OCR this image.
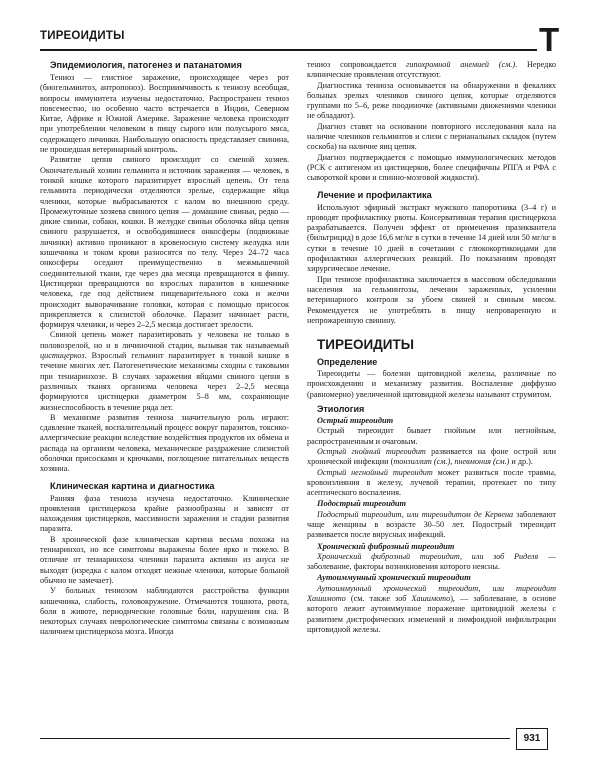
ТИРЕОИДИТЫ	Т
Эпидемиология, патогенез и патанатомия

Тениоз — глистное заражение, происходящее через рот (биогельминтоз, антропоноз). Восприимчивость к тениозу всеобщая, вопросы иммунитета изучены недостаточно. Распространен тениоз повсеместно, но особенно часто встречается в Индии, Северном Китае, Африке и Южной Америке. Заражение человека происходит при употреблении человеком в пищу сырого или полусырого мяса, содержащего личинки. Наибольшую опасность представляет свинина, не прошедшая ветеринарный контроль.

Развитие цепня свиного происходит со сменой хозяев. Окончательный хозяин гельминта и источник заражения — человек, в тонкой кишке которого паразитирует взрослый цепень. От тела гельминта периодически отделяются зрелые, содержащие яйца членики, которые выбрасываются с калом во внешнюю среду. Промежуточные хозяева свиного цепня — домашние свиньи, редко — дикие свиньи, собаки, кошки. В желудке свиньи оболочка яйца цепня свиного разрушается, и освободившиеся онкосферы (подвижные личинки) активно проникают в кровеносную систему желудка или кишечника и током крови разносятся по телу. Через 24–72 часа онкосферы оседают преимущественно в межмышечной соединительной ткани, где через два месяца превращаются в финну. Цистицерки превращаются во взрослых паразитов в кишечнике человека, где под действием пищеварительного сока и желчи происходит выворачивание головки, которая с помощью присосок прикрепляется к слизистой оболочке. Паразит начинает расти, формируя членики, и через 2–2,5 месяца достигает зрелости.

Свиной цепень может паразитировать у человека не только в половозрелой, но и в личиночной стадии, вызывая так называемый цистицеркоз. Взрослый гельминт паразитирует в тонкой кишке в течение многих лет. Патогенетические механизмы сходны с таковыми при тениаринхозе. В случаях заражения яйцами свиного цепня в различных тканях организма человека через 2–2,5 месяца формируются цистицерки диаметром 5–8 мм, сохраняющие жизнеспособность в течение ряда лет.

В механизме развития тениоза значительную роль играют: сдавление тканей, воспалительный процесс вокруг паразитов, токсико-аллергические реакции вследствие воздействия продуктов их обмена и распада на организм человека, механическое раздражение слизистой оболочки присосками и крючками, поглощение питательных веществ хозяина.

Клиническая картина и диагностика

Ранняя фаза тениоза изучена недостаточно. Клинические проявления цистицеркоза крайне разнообразны и зависят от нахождения цистицерков, массивности заражения и стадии развития паразита.

В хронической фазе клиническая картина весьма похожа на тениаринхоз, но все симптомы выражены более ярко и тяжело. В отличие от тениаринхоза членики паразита активно из ануса не выходят (изредка с калом отходят нежные членики, которые больной обычно не замечает).

У больных тениозом наблюдаются расстройства функции кишечника, слабость, головокружение. Отмечаются тошнота, рвота, боли в животе, периодические головные боли, нарушения сна. В некоторых случаях неврологические симптомы связаны с возможным наличием цистицеркоза мозга. Иногда

тениоз сопровождается гипохромной анемией (см.). Нередко клинические проявления отсутствуют.

Диагностика тениоза основывается на обнаружении в фекалиях больных зрелых члеников свиного цепня, которые отделяются группами по 5–6, реже поодиночке (активными движениями членики не обладают).

Диагноз ставят на основании повторного исследования кала на наличие члеников гельминтов и слизи с перианальных складок (путем соскоба) на наличие яиц цепня.

Диагноз подтверждается с помощью иммунологических методов (РСК с антигеном из цистицерков, более специфичны РПГА и РФА с сывороткой крови и спинно-мозговой жидкости).

Лечение и профилактика

Используют эфирный экстракт мужского папоротника (3–4 г) и проводят профилактику рвоты. Консервативная терапия цистицеркоза разрабатывается. Получен эффект от применения празиквантела (бильтрицид) в дозе 16,6 мг/кг в сутки в течение 14 дней или 50 мг/кг в сутки в течение 10 дней в сочетании с глюкокортикоидами для профилактики аллергических реакций. По показаниям проводят хирургическое лечение.

При тениозе профилактика заключается в массовом обследовании населения на гельминтозы, лечении зараженных, усилении ветеринарного контроля за убоем свиней и свиным мясом. Рекомендуется не употреблять в пищу непроваренную и непрожаренную свинину.

ТИРЕОИДИТЫ
Определение

Тиреоидиты — болезни щитовидной железы, различные по происхождению и механизму развития. Воспаление диффузно (равномерно) увеличенной щитовидной железы называют струмитом.

Этиология
Острый тиреоидит

Острый тиреоидит бывает гнойным или негнойным, распространенным и очаговым.

Острый гнойный тиреоидит развивается на фоне острой или хронической инфекции (тонзиллит (см.), пневмония (см.) и др.).

Острый негнойный тиреоидит может развиться после травмы, кровоизлияния в железу, лучевой терапии, протекает по типу асептического воспаления.

Подострый тиреоидит

Подострый тиреоидит, или тиреоидитом де Кервена заболевают чаще женщины в возрасте 30–50 лет. Подострый тиреоидит развивается после вирусных инфекций.

Хронический фиброзный тиреоидит

Хронический фиброзный тиреоидит, или зоб Риделя — заболевание, факторы возникновения которого неясны.

Аутоиммунный хронический тиреоидит

Аутоиммунный хронический тиреоидит, или тиреоидит Хашимото (см. также зоб Хашимото), — заболевание, в основе которого лежит аутоиммунное поражение щитовидной железы с развитием дистрофических изменений и лимфоидной инфильтрации щитовидной железы.

931
